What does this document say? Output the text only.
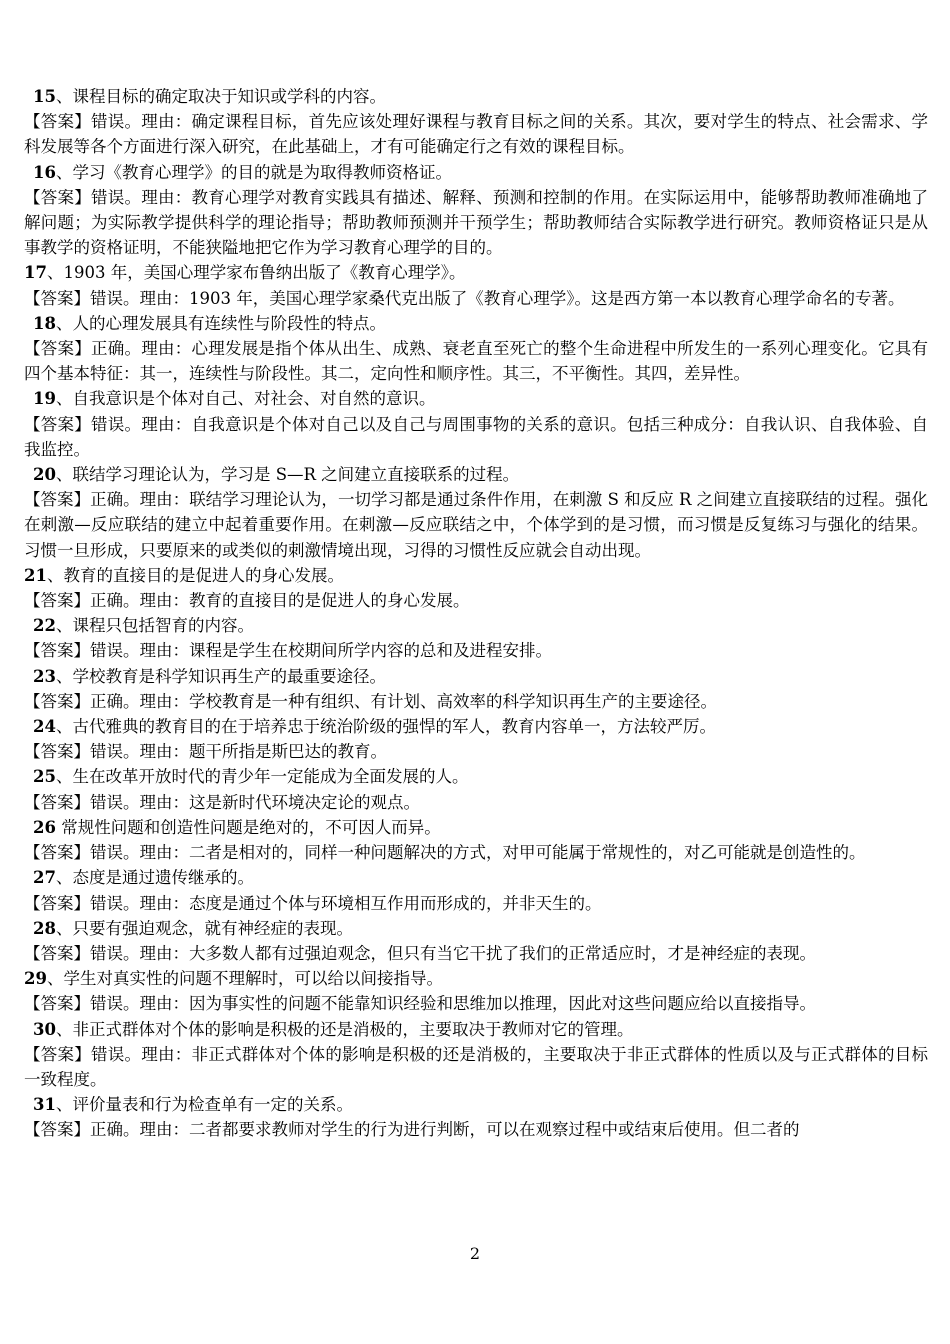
15、课程目标的确定取决于知识或学科的内容。

【答案】错误。理由：确定课程目标，首先应该处理好课程与教育目标之间的关系。其次，要对学生的特点、社会需求、学科发展等各个方面进行深入研究，在此基础上，才有可能确定行之有效的课程目标。

16、学习《教育心理学》的目的就是为取得教师资格证。

【答案】错误。理由：教育心理学对教育实践具有描述、解释、预测和控制的作用。在实际运用中，能够帮助教师准确地了解问题；为实际教学提供科学的理论指导；帮助教师预测并干预学生；帮助教师结合实际教学进行研究。教师资格证只是从事教学的资格证明，不能狭隘地把它作为学习教育心理学的目的。

17、1903 年，美国心理学家布鲁纳出版了《教育心理学》。

【答案】错误。理由：1903 年，美国心理学家桑代克出版了《教育心理学》。这是西方第一本以教育心理学命名的专著。

18、人的心理发展具有连续性与阶段性的特点。

【答案】正确。理由：心理发展是指个体从出生、成熟、衰老直至死亡的整个生命进程中所发生的一系列心理变化。它具有四个基本特征：其一，连续性与阶段性。其二，定向性和顺序性。其三，不平衡性。其四，差异性。

19、自我意识是个体对自己、对社会、对自然的意识。

【答案】错误。理由：自我意识是个体对自己以及自己与周围事物的关系的意识。包括三种成分：自我认识、自我体验、自我监控。

20、联结学习理论认为，学习是 S—R 之间建立直接联系的过程。

【答案】正确。理由：联结学习理论认为，一切学习都是通过条件作用，在刺激 S 和反应 R 之间建立直接联结的过程。强化在刺激—反应联结的建立中起着重要作用。在刺激—反应联结之中，个体学到的是习惯，而习惯是反复练习与强化的结果。习惯一旦形成，只要原来的或类似的刺激情境出现，习得的习惯性反应就会自动出现。

21、教育的直接目的是促进人的身心发展。

【答案】正确。理由：教育的直接目的是促进人的身心发展。

22、课程只包括智育的内容。

【答案】错误。理由：课程是学生在校期间所学内容的总和及进程安排。

23、学校教育是科学知识再生产的最重要途径。

【答案】正确。理由：学校教育是一种有组织、有计划、高效率的科学知识再生产的主要途径。

24、古代雅典的教育目的在于培养忠于统治阶级的强悍的军人，教育内容单一，方法较严厉。

【答案】错误。理由：题干所指是斯巴达的教育。

25、生在改革开放时代的青少年一定能成为全面发展的人。

【答案】错误。理由：这是新时代环境决定论的观点。

26 常规性问题和创造性问题是绝对的，不可因人而异。

【答案】错误。理由：二者是相对的，同样一种问题解决的方式，对甲可能属于常规性的，对乙可能就是创造性的。

27、态度是通过遗传继承的。

【答案】错误。理由：态度是通过个体与环境相互作用而形成的，并非天生的。

28、只要有强迫观念，就有神经症的表现。

【答案】错误。理由：大多数人都有过强迫观念，但只有当它干扰了我们的正常适应时，才是神经症的表现。

29、学生对真实性的问题不理解时，可以给以间接指导。

【答案】错误。理由：因为事实性的问题不能靠知识经验和思维加以推理，因此对这些问题应给以直接指导。

30、非正式群体对个体的影响是积极的还是消极的，主要取决于教师对它的管理。

【答案】错误。理由：非正式群体对个体的影响是积极的还是消极的，主要取决于非正式群体的性质以及与正式群体的目标一致程度。

31、评价量表和行为检查单有一定的关系。

【答案】正确。理由：二者都要求教师对学生的行为进行判断，可以在观察过程中或结束后使用。但二者的

2
